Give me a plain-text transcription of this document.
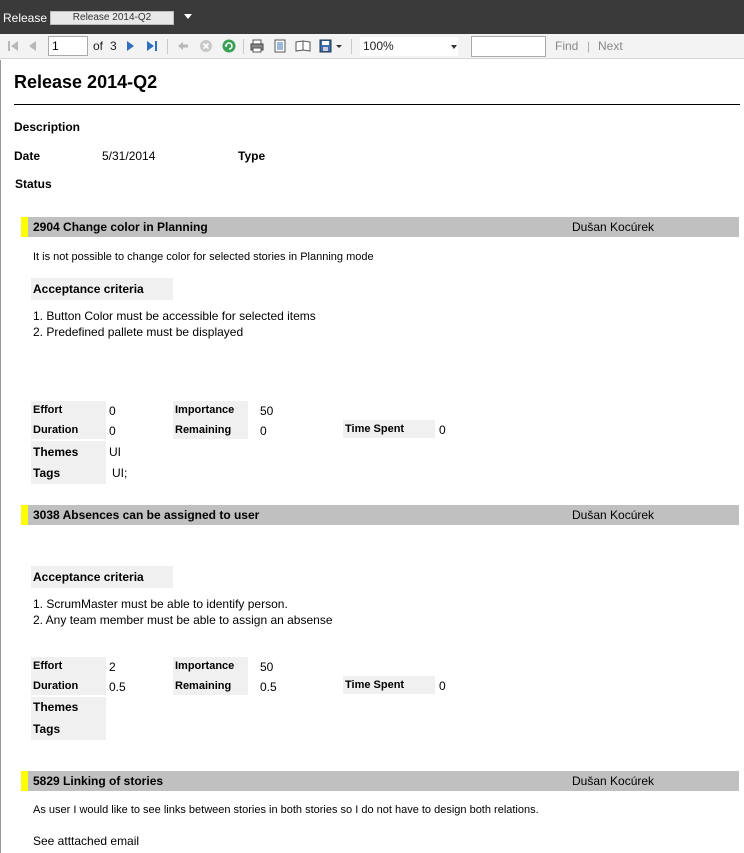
Release	Release 2014-Q2
1
of 3	100%	Find | Next
Release 2014-Q2
Description
Date	5/31/2014	Type
Status
2904 Change color in Planning	Dušan Kocúrek
It is not possible to change color for selected stories in Planning mode
Acceptance criteria
1. Button Color must be accessible for selected items
2. Predefined pallete must be displayed
Effort	0	Importance 50
Duration	0	Remaining 0	Time Spent	0
Themes	UI
Tags	UI;
3038 Absences can be assigned to user	Dušan Kocúrek
Acceptance criteria
1. ScrumMaster must be able to identify person.
2. Any team member must be able to assign an absense
Effort	2	Importance 50
Duration	0.5	Remaining 0.5	Time Spent	0
Themes
Tags
5829 Linking of stories	Dušan Kocúrek
As user I would like to see links between stories in both stories so I do not have to design both relations.
See atttached email
